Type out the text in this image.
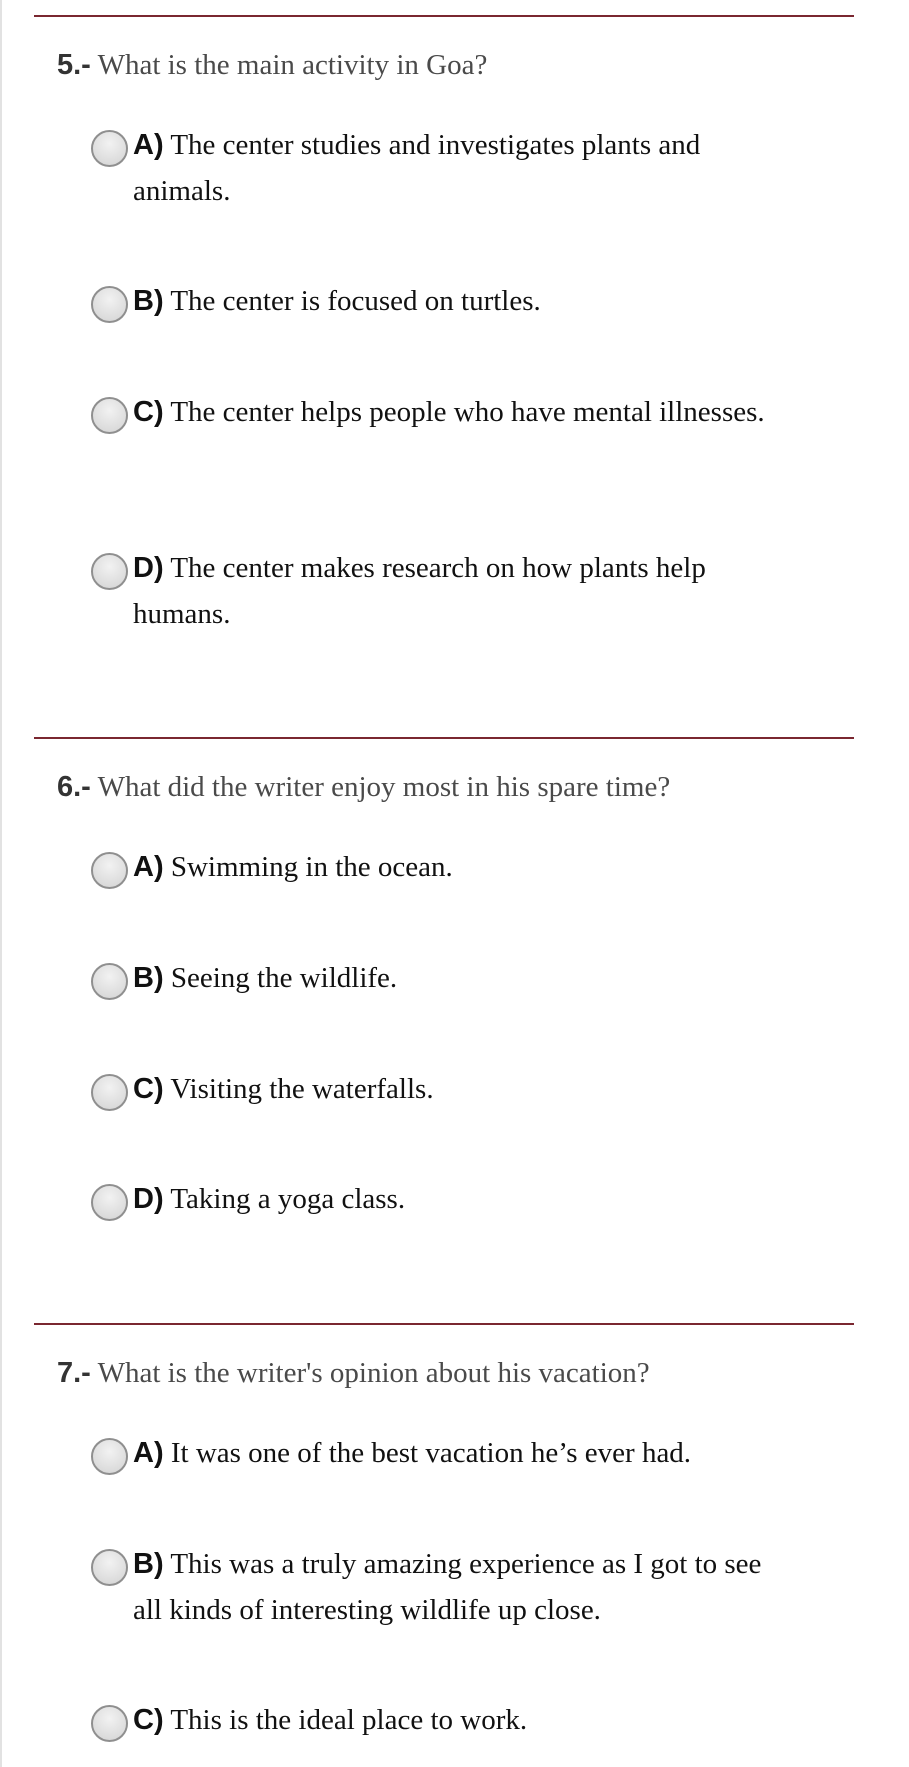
5.- What is the main activity in Goa?
A) The center studies and investigates plants and animals.
B) The center is focused on turtles.
C) The center helps people who have mental illnesses.
D) The center makes research on how plants help humans.
6.- What did the writer enjoy most in his spare time?
A) Swimming in the ocean.
B) Seeing the wildlife.
C) Visiting the waterfalls.
D) Taking a yoga class.
7.- What is the writer's opinion about his vacation?
A) It was one of the best vacation he’s ever had.
B) This was a truly amazing experience as I got to see all kinds of interesting wildlife up close.
C) This is the ideal place to work.
